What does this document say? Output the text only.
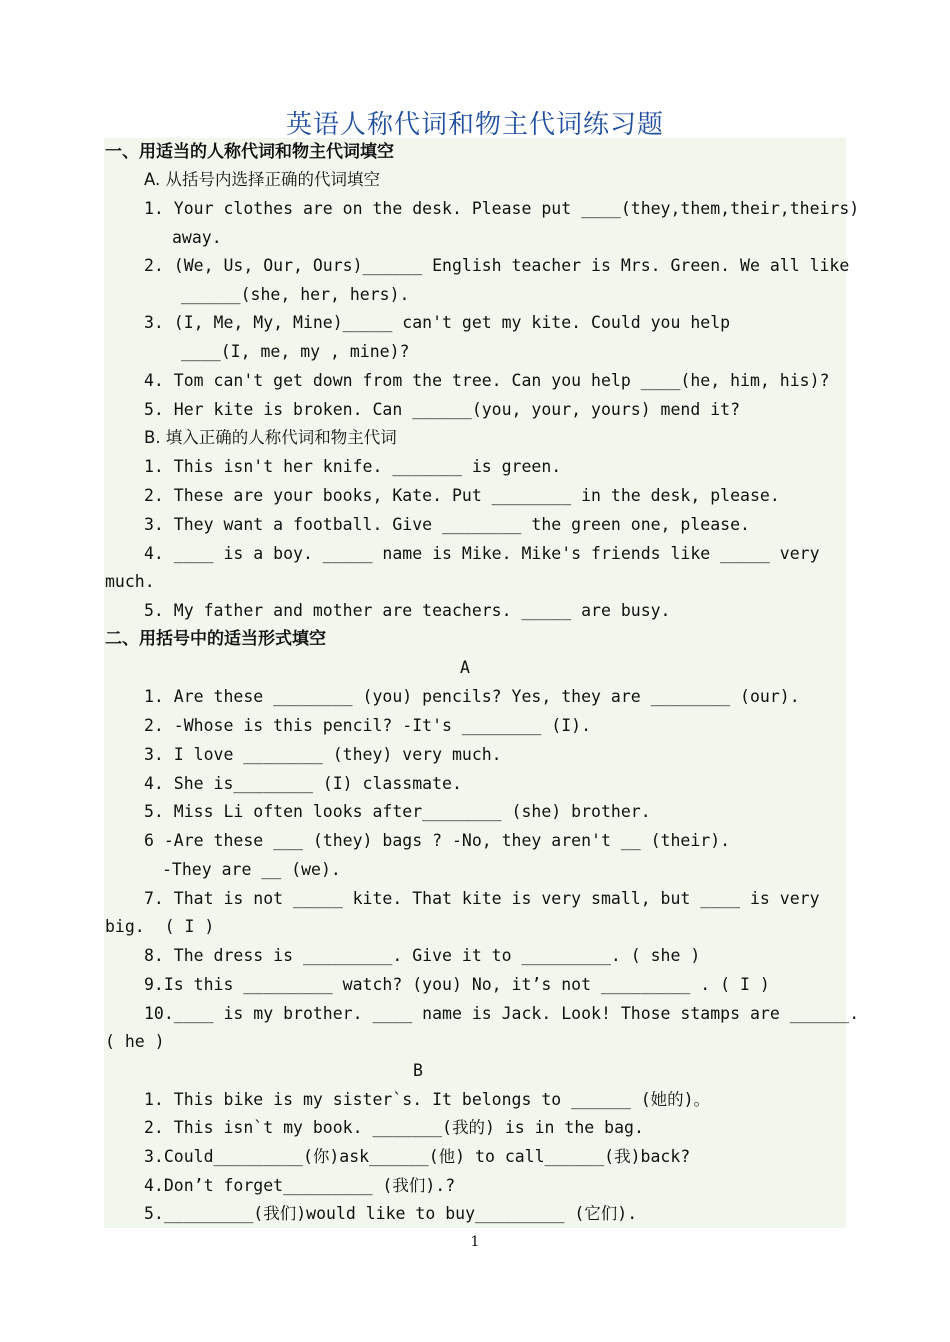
英语人称代词和物主代词练习题
一、用适当的人称代词和物主代词填空
A. 从括号内选择正确的代词填空
1. Your clothes are on the desk. Please put ____(they,them,their,theirs)
away.
2. (We, Us, Our, Ours)______ English teacher is Mrs. Green. We all like
______(she, her, hers).
3. (I, Me, My, Mine)_____ can't get my kite. Could you help
____(I, me, my , mine)?
4. Tom can't get down from the tree. Can you help ____(he, him, his)?
5. Her kite is broken. Can ______(you, your, yours) mend it?
B. 填入正确的人称代词和物主代词
1. This isn't her knife. _______ is green.
2. These are your books, Kate. Put ________ in the desk, please.
3. They want a football. Give ________ the green one, please.
4. ____ is a boy. _____ name is Mike. Mike's friends like _____ very
much.
5. My father and mother are teachers. _____ are busy.
二、用括号中的适当形式填空
A
1. Are these ________ (you) pencils? Yes, they are ________ (our).
2. -Whose is this pencil? -It's ________ (I).
3. I love ________ (they) very much.
4. She is________ (I) classmate.
5. Miss Li often looks after________ (she) brother.
6 -Are these ___ (they) bags ? -No, they aren't __ (their).
-They are __ (we).
7. That is not _____ kite. That kite is very small, but ____ is very
big.  ( I )
8. The dress is _________. Give it to _________. ( she )
9.Is this _________ watch? (you) No, it’s not _________ . ( I )
10.____ is my brother. ____ name is Jack. Look! Those stamps are ______.
( he )
B
1. This bike is my sister`s. It belongs to ______ (她的)。
2. This isn`t my book. _______(我的) is in the bag.
3.Could_________(你)ask______(他) to call______(我)back?
4.Don’t forget_________ (我们).?
5._________(我们)would like to buy_________ (它们).
1
